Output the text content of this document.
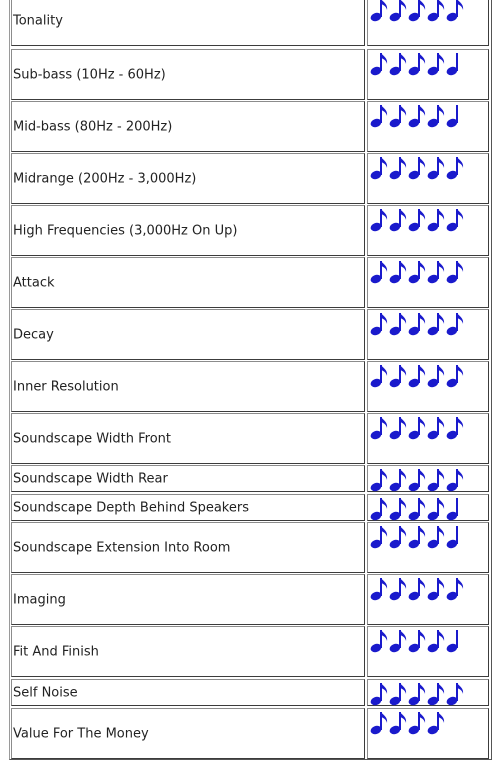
Tonality
Sub-bass (10Hz - 60Hz)
Mid-bass (80Hz - 200Hz)
Midrange (200Hz - 3,000Hz)
High Frequencies (3,000Hz On Up)
Attack
Decay
Inner Resolution
Soundscape Width Front
Soundscape Width Rear
Soundscape Depth Behind Speakers
Soundscape Extension Into Room
Imaging
Fit And Finish
Self Noise
Value For The Money
